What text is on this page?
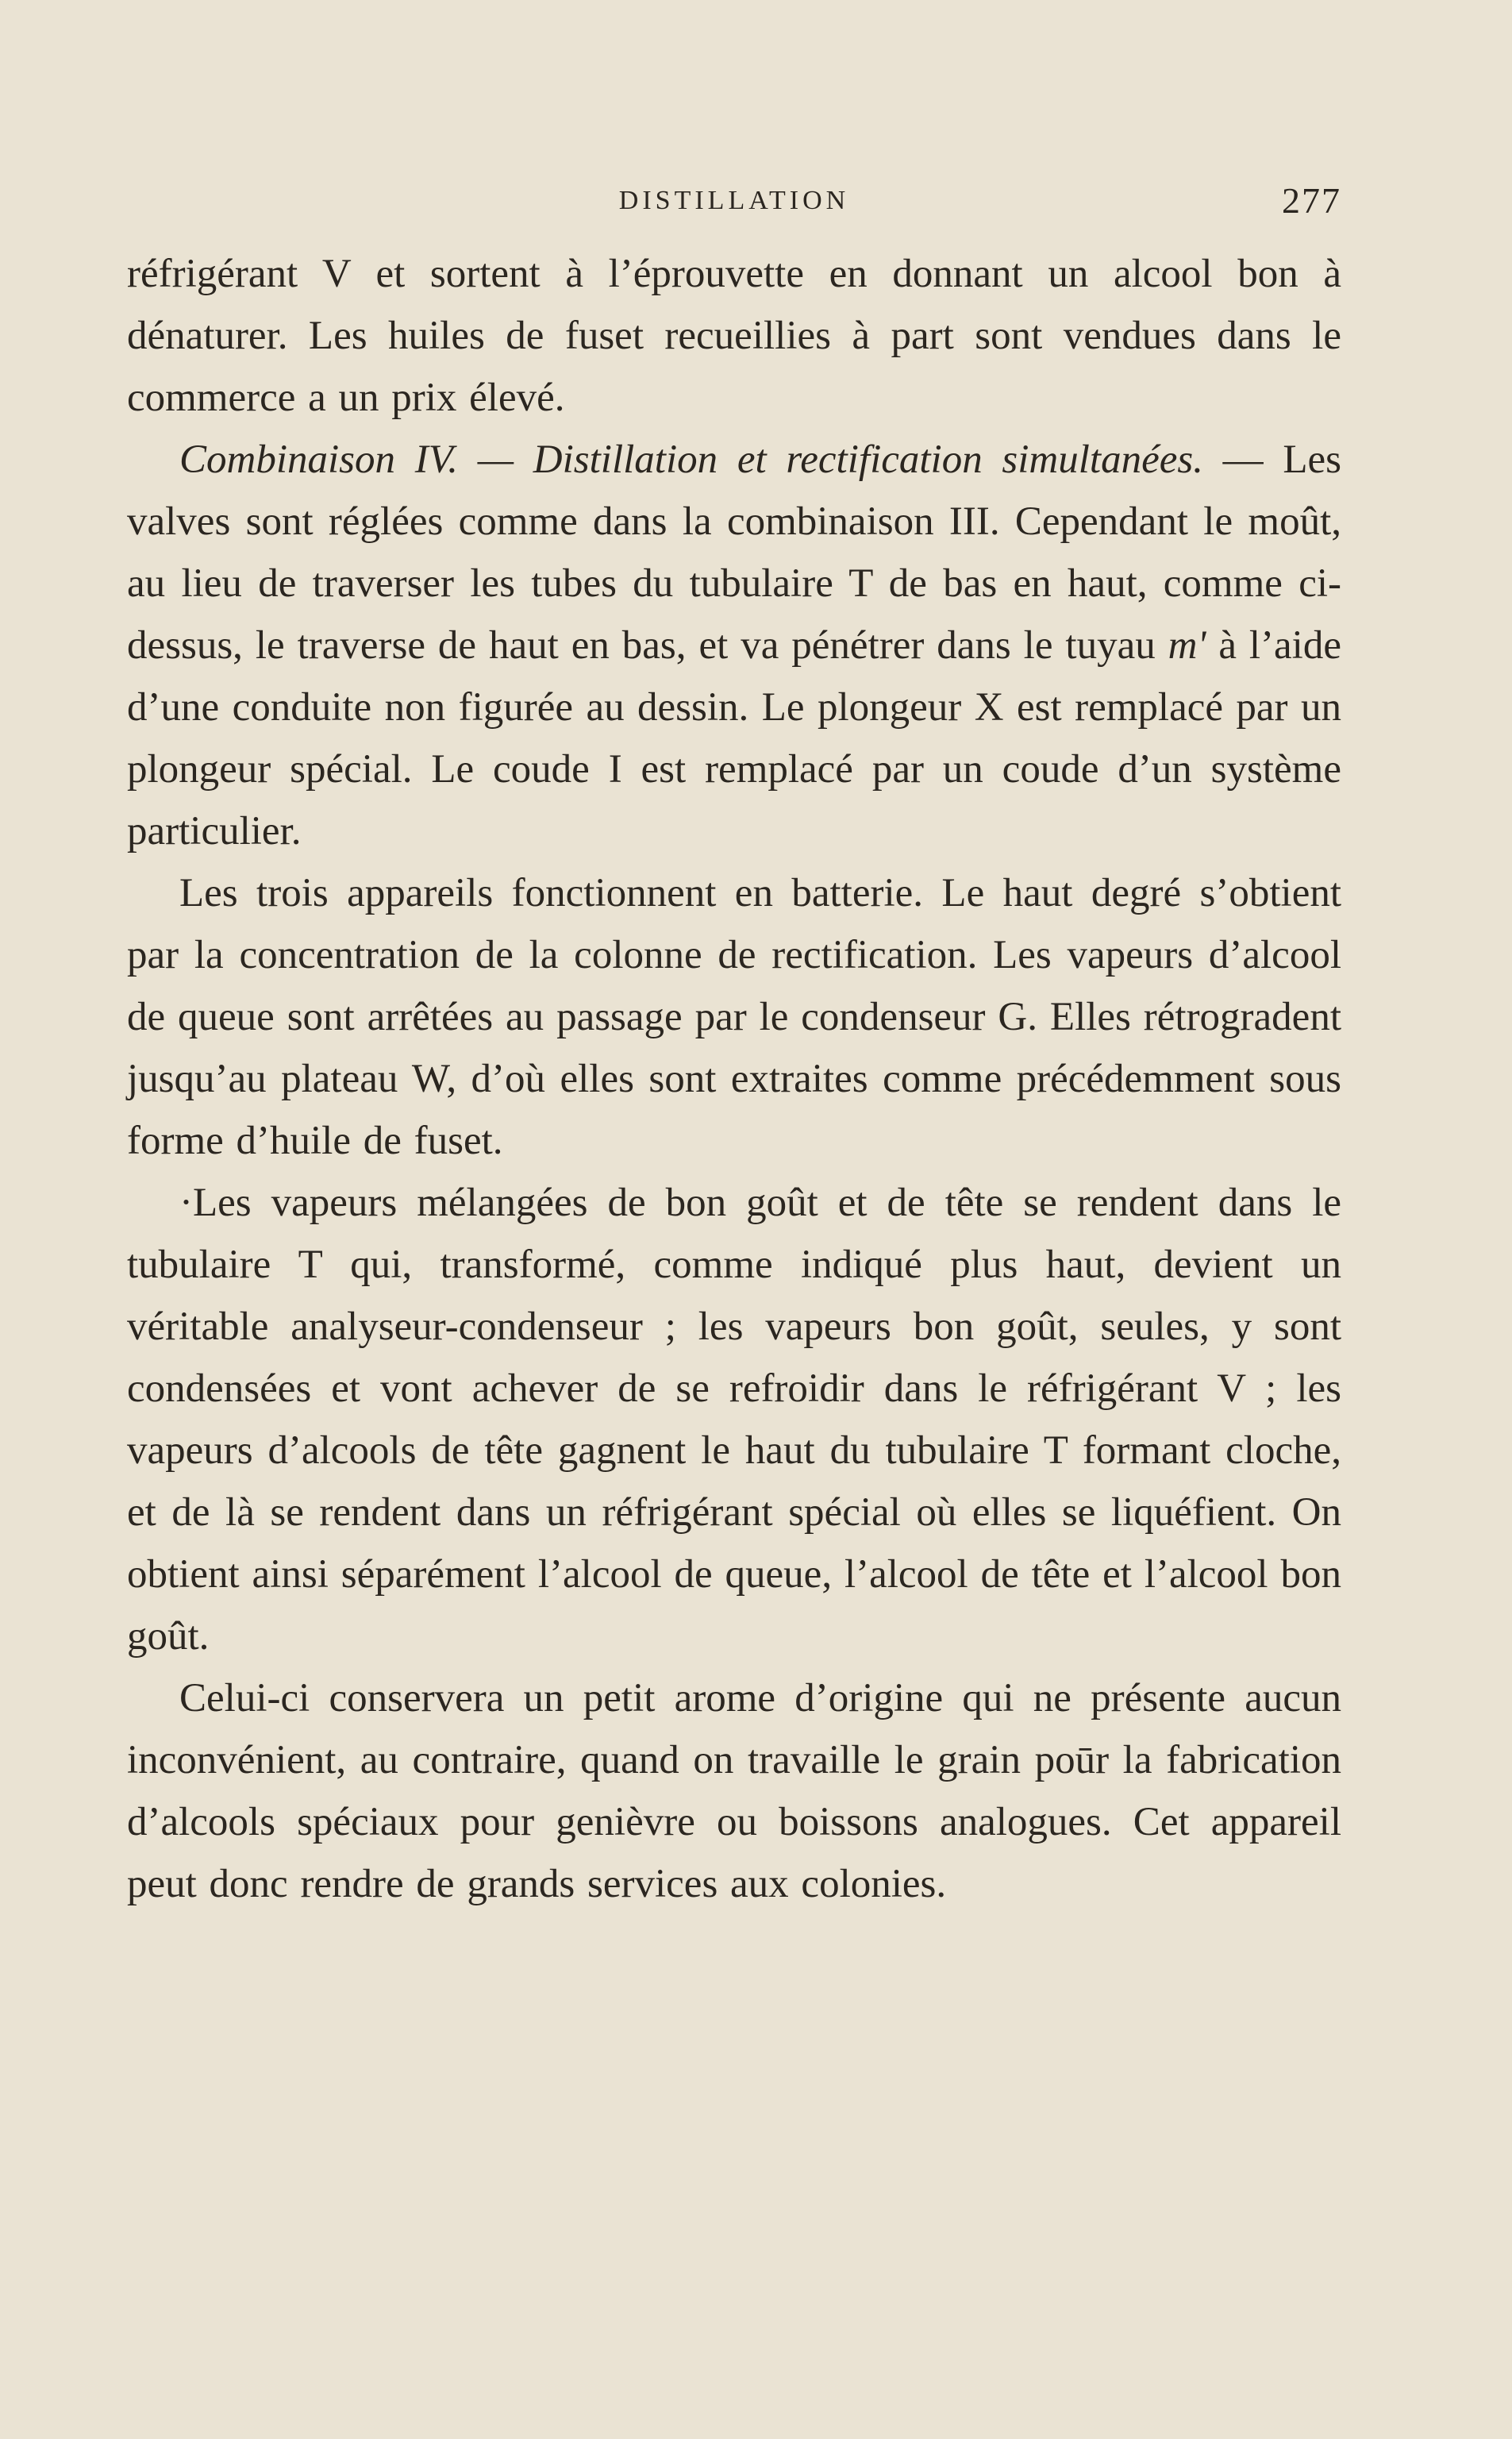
DISTILLATION	277

réfrigérant V et sortent à l’éprouvette en donnant un alcool bon à dénaturer. Les huiles de fuset recueillies à part sont vendues dans le commerce a un prix élevé.

Combinaison IV. — Distillation et rectification simultanées. — Les valves sont réglées comme dans la combinaison III. Cependant le moût, au lieu de traverser les tubes du tubulaire T de bas en haut, comme ci-dessus, le traverse de haut en bas, et va pénétrer dans le tuyau m' à l’aide d’une conduite non figurée au dessin. Le plongeur X est remplacé par un plongeur spécial. Le coude I est remplacé par un coude d’un système particulier.

Les trois appareils fonctionnent en batterie. Le haut degré s’obtient par la concentration de la colonne de rectification. Les vapeurs d’alcool de queue sont arrêtées au passage par le condenseur G. Elles rétrogradent jusqu’au plateau W, d’où elles sont extraites comme précédemment sous forme d’huile de fuset.

·Les vapeurs mélangées de bon goût et de tête se rendent dans le tubulaire T qui, transformé, comme indiqué plus haut, devient un véritable analyseur-condenseur ; les vapeurs bon goût, seules, y sont condensées et vont achever de se refroidir dans le réfrigérant V ; les vapeurs d’alcools de tête gagnent le haut du tubulaire T formant cloche, et de là se rendent dans un réfrigérant spécial où elles se liquéfient. On obtient ainsi séparément l’alcool de queue, l’alcool de tête et l’alcool bon goût.

Celui-ci conservera un petit arome d’origine qui ne présente aucun inconvénient, au contraire, quand on travaille le grain poūr la fabrication d’alcools spéciaux pour genièvre ou boissons analogues. Cet appareil peut donc rendre de grands services aux colonies.
